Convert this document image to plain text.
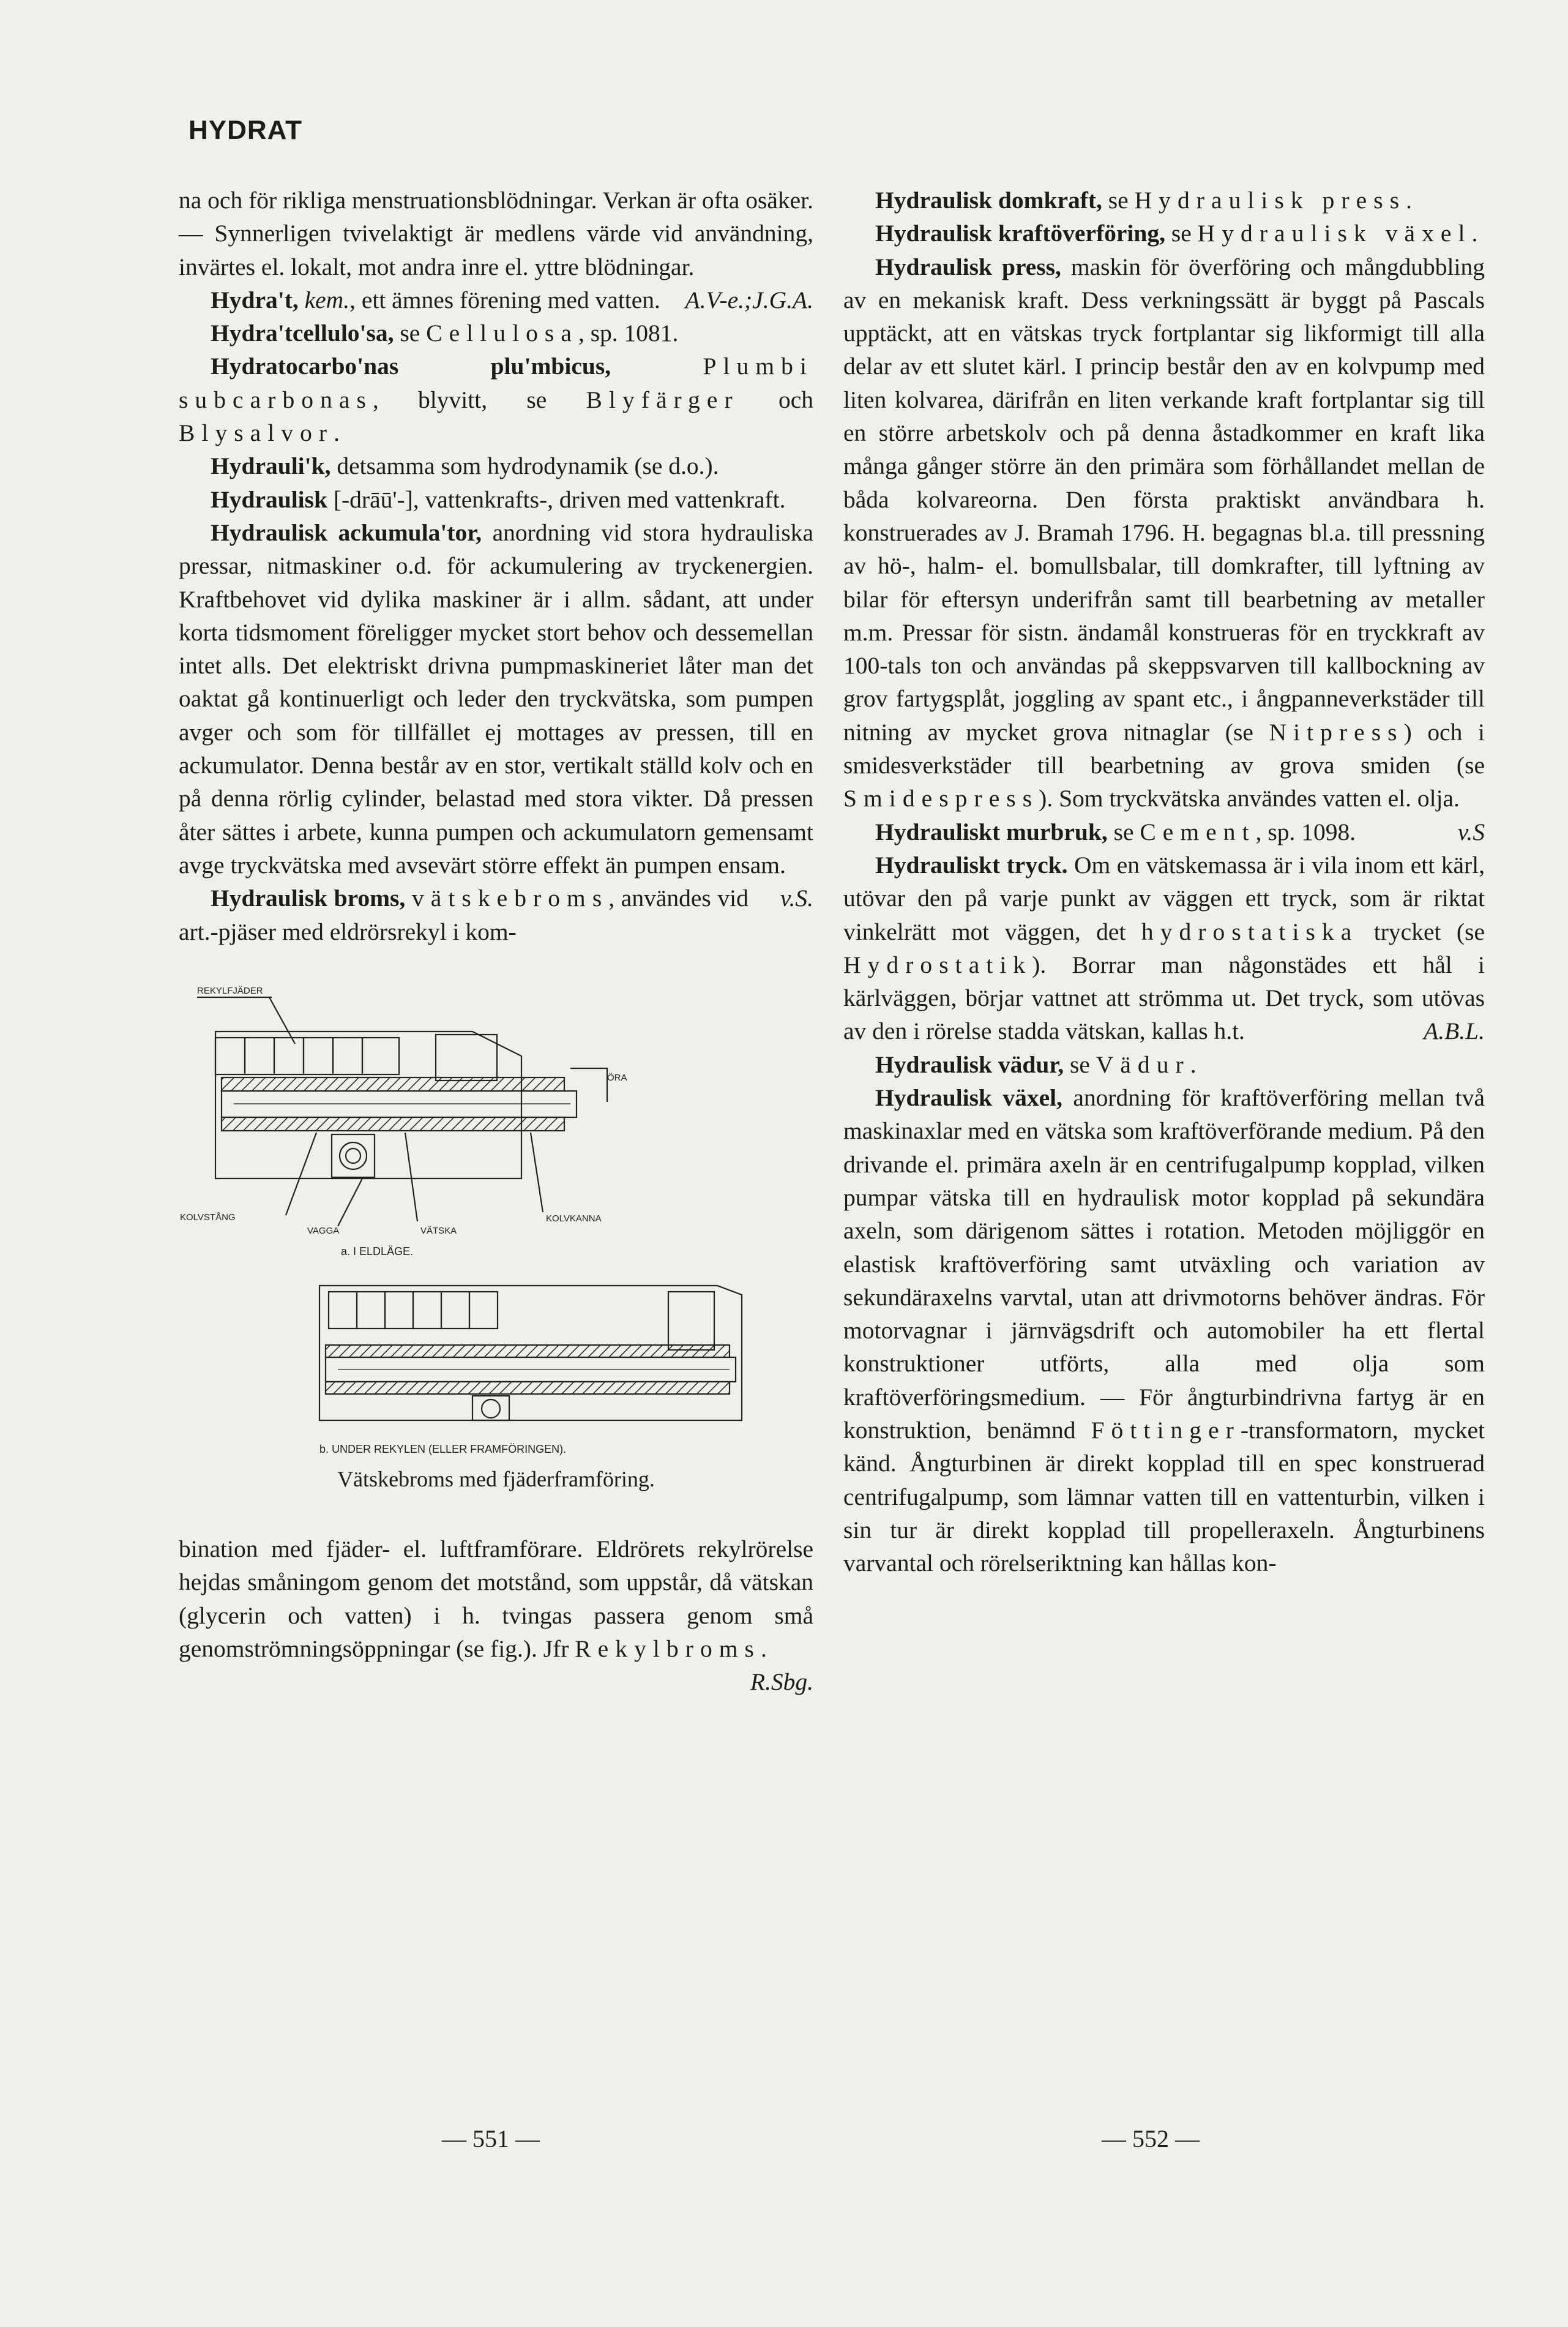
HYDRAT

na och för rikliga menstruationsblödningar. Verkan är ofta osäker. — Synnerligen tvivelaktigt är medlens värde vid användning, invärtes el. lokalt, mot andra inre el. yttre blödningar.
A.V-e.;J.G.A.

Hydra't, kem., ett ämnes förening med vatten.

Hydra'tcellulo'sa, se Cellulosa, sp. 1081.

Hydratocarbo'nas plu'mbicus,	Plumbi subcarbonas, blyvitt, se Blyfärger och Blysalvor.

Hydrauli'k, detsamma som hydrodynamik (se d.o.).

Hydraulisk [-drāū'-], vattenkrafts-, driven med vattenkraft.

Hydraulisk ackumula'tor, anordning vid stora hydrauliska pressar, nitmaskiner o.d. för ackumulering av tryckenergien. Kraftbehovet vid dylika maskiner är i allm. sådant, att under korta tidsmoment föreligger mycket stort behov och dessemellan intet alls. Det elektriskt drivna pumpmaskineriet låter man det oaktat gå kontinuerligt och leder den tryckvätska, som pumpen avger och som för tillfället ej mottages av pressen, till en ackumulator. Denna består av en stor, vertikalt ställd kolv och en på denna rörlig cylinder, belastad med stora vikter. Då pressen åter sättes i arbete, kunna pumpen och ackumulatorn gemensamt avge tryckvätska med avsevärt större effekt än pumpen ensam.
v.S.

Hydraulisk broms, vätskebroms, användes vid art.-pjäser med eldrörsrekyl i kom-

REKYLFJÄDER
ÖRA
KOLVSTÅNG
VAGGA	VÄTSKA
KOLVKANNA
a. I ELDLÄGE.
b. UNDER REKYLEN (ELLER FRAMFÖRINGEN).
Vätskebroms med fjäderframföring.

bination med fjäder- el. luftframförare. Eldrörets rekylrörelse hejdas småningom genom det motstånd, som uppstår, då vätskan (glycerin och vatten) i h. tvingas passera genom små genomströmningsöppningar (se fig.). Jfr Rekylbroms.
R.Sbg.

Hydraulisk domkraft, se Hydraulisk press.

Hydraulisk kraftöverföring, se Hydraulisk växel.

Hydraulisk press, maskin för överföring och mångdubbling av en mekanisk kraft. Dess verkningssätt är byggt på Pascals upptäckt, att en vätskas tryck fortplantar sig likformigt till alla delar av ett slutet kärl. I princip består den av en kolvpump med liten kolvarea, därifrån en liten verkande kraft fortplantar sig till en större arbetskolv och på denna åstadkommer en kraft lika många gånger större än den primära som förhållandet mellan de båda kolvareorna. Den första praktiskt användbara h. konstruerades av J. Bramah 1796. H. begagnas bl.a. till pressning av hö-, halm- el. bomullsbalar, till domkrafter, till lyftning av bilar för eftersyn underifrån samt till bearbetning av metaller m.m. Pressar för sistn. ändamål konstrueras för en tryckkraft av 100-tals ton och användas på skeppsvarven till kallbockning av grov fartygsplåt, joggling av spant etc., i ångpanneverkstäder till nitning av mycket grova nitnaglar (se Nitpress) och i smidesverkstäder till bearbetning av grova smiden (se Smidespress). Som tryckvätska användes vatten el. olja.
v.S

Hydrauliskt murbruk, se Cement, sp. 1098.

Hydrauliskt tryck. Om en vätskemassa är i vila inom ett kärl, utövar den på varje punkt av väggen ett tryck, som är riktat vinkelrätt mot väggen, det hydrostatiska trycket (se Hydrostatik). Borrar man någonstädes ett hål i kärlväggen, börjar vattnet att strömma ut. Det tryck, som utövas av den i rörelse stadda vätskan, kallas h.t.	A.B.L.

Hydraulisk vädur, se Vädur.

Hydraulisk växel, anordning för kraftöverföring mellan två maskinaxlar med en vätska som kraftöverförande medium. På den drivande el. primära axeln är en centrifugalpump kopplad, vilken pumpar vätska till en hydraulisk motor kopplad på sekundära axeln, som därigenom sättes i rotation. Metoden möjliggör en elastisk kraftöverföring samt utväxling och variation av sekundäraxelns varvtal, utan att drivmotorns behöver ändras. För motorvagnar i järnvägsdrift och automobiler ha ett flertal konstruktioner utförts, alla med olja som kraftöverföringsmedium. — För ångturbindrivna fartyg är en konstruktion, benämnd Föttinger-transformatorn, mycket känd. Ångturbinen är direkt kopplad till en spec konstruerad centrifugalpump, som lämnar vatten till en vattenturbin, vilken i sin tur är direkt kopplad till propelleraxeln. Ångturbinens varvantal och rörelseriktning kan hållas kon-

— 551 —	— 552 —
